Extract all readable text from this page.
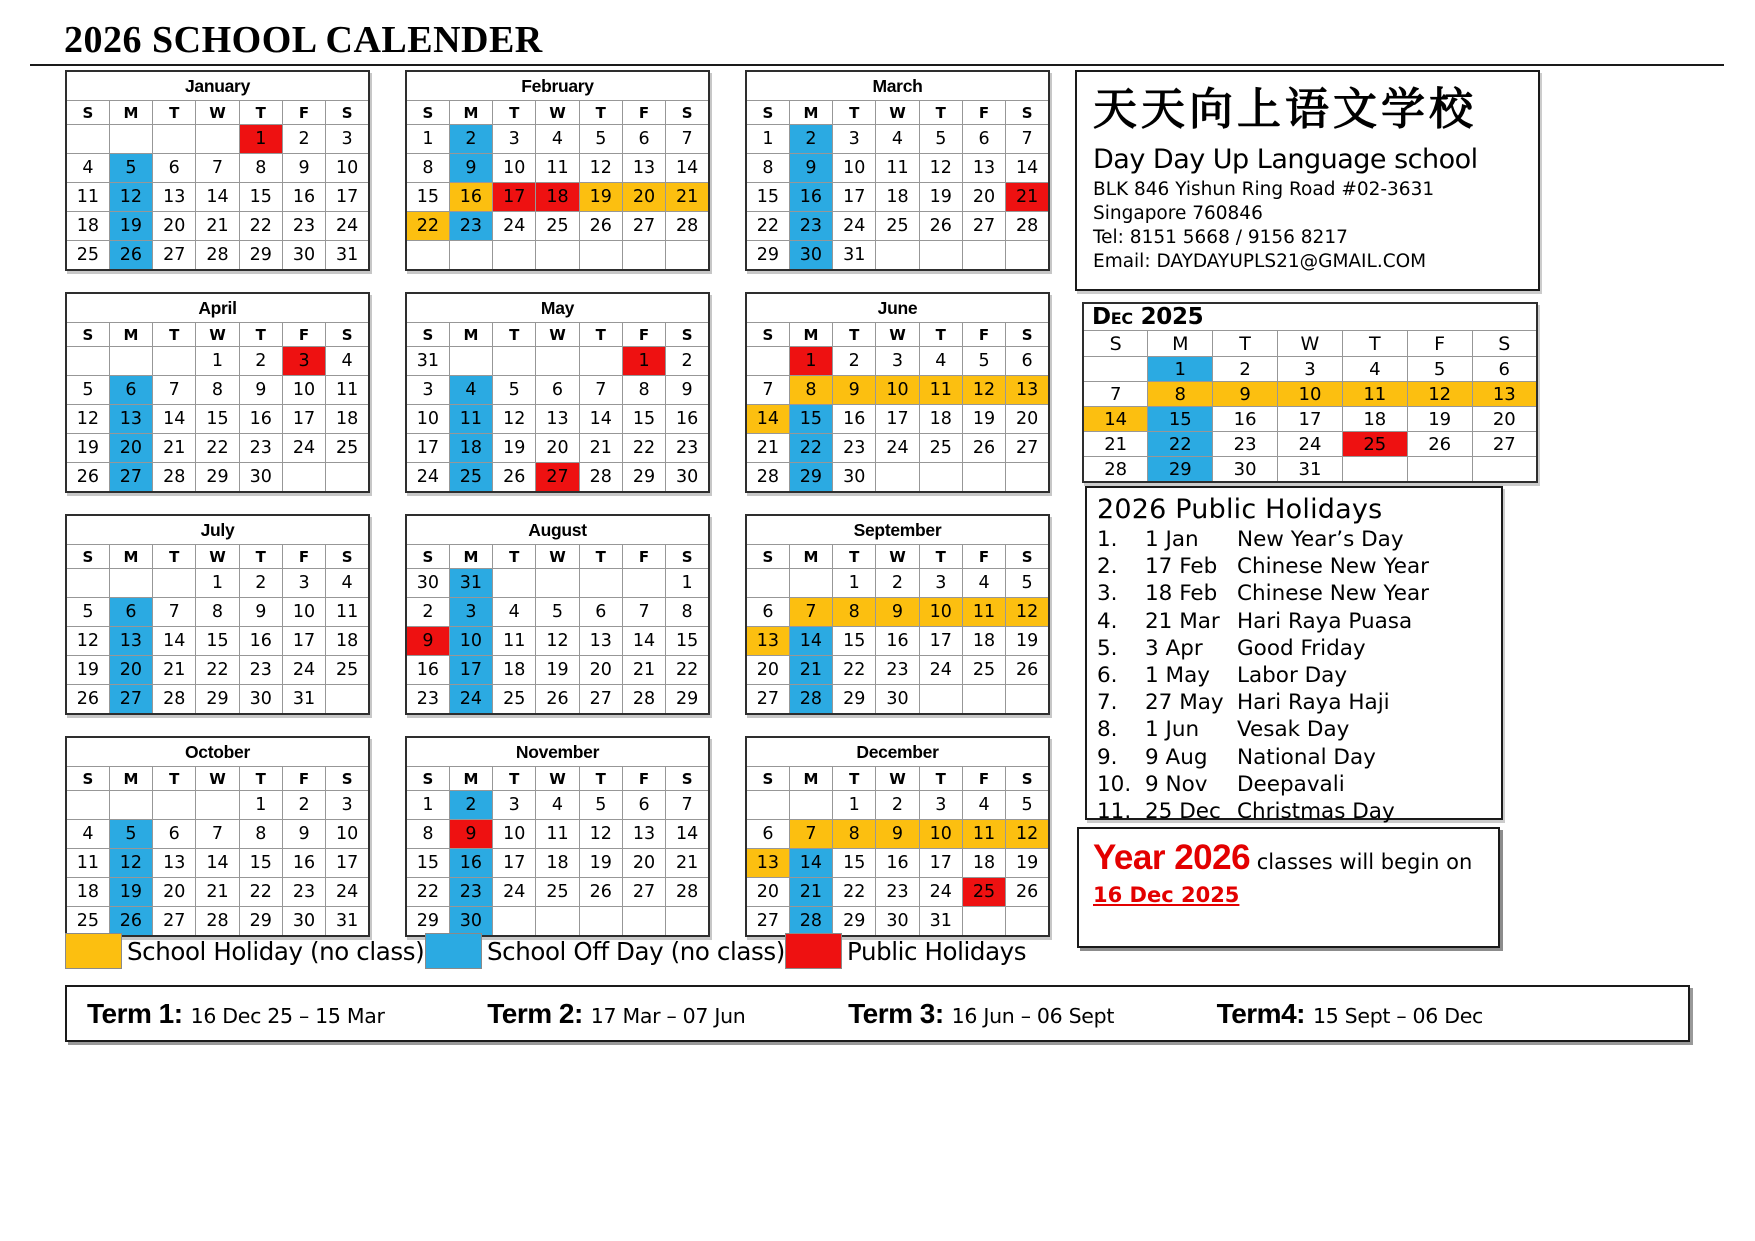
2026 SCHOOL CALENDER
January						
S	M	T	W	T	F	S
				1	2	3
4	5	6	7	8	9	10
11	12	13	14	15	16	17
18	19	20	21	22	23	24
25	26	27	28	29	30	31
February						
S	M	T	W	T	F	S
1	2	3	4	5	6	7
8	9	10	11	12	13	14
15	16	17	18	19	20	21
22	23	24	25	26	27	28

March						
S	M	T	W	T	F	S
1	2	3	4	5	6	7
8	9	10	11	12	13	14
15	16	17	18	19	20	21
22	23	24	25	26	27	28
29	30	31				
April						
S	M	T	W	T	F	S
			1	2	3	4
5	6	7	8	9	10	11
12	13	14	15	16	17	18
19	20	21	22	23	24	25
26	27	28	29	30		
May						
S	M	T	W	T	F	S
31					1	2
3	4	5	6	7	8	9
10	11	12	13	14	15	16
17	18	19	20	21	22	23
24	25	26	27	28	29	30
June						
S	M	T	W	T	F	S
	1	2	3	4	5	6
7	8	9	10	11	12	13
14	15	16	17	18	19	20
21	22	23	24	25	26	27
28	29	30				
July						
S	M	T	W	T	F	S
			1	2	3	4
5	6	7	8	9	10	11
12	13	14	15	16	17	18
19	20	21	22	23	24	25
26	27	28	29	30	31	
August						
S	M	T	W	T	F	S
30	31					1
2	3	4	5	6	7	8
9	10	11	12	13	14	15
16	17	18	19	20	21	22
23	24	25	26	27	28	29
September						
S	M	T	W	T	F	S
		1	2	3	4	5
6	7	8	9	10	11	12
13	14	15	16	17	18	19
20	21	22	23	24	25	26
27	28	29	30			
October						
S	M	T	W	T	F	S
				1	2	3
4	5	6	7	8	9	10
11	12	13	14	15	16	17
18	19	20	21	22	23	24
25	26	27	28	29	30	31
November						
S	M	T	W	T	F	S
1	2	3	4	5	6	7
8	9	10	11	12	13	14
15	16	17	18	19	20	21
22	23	24	25	26	27	28
29	30					
December						
S	M	T	W	T	F	S
		1	2	3	4	5
6	7	8	9	10	11	12
13	14	15	16	17	18	19
20	21	22	23	24	25	26
27	28	29	30	31		
天天向上语文学校
Day Day Up Language school
BLK 846 Yishun Ring Road #02-3631
Singapore 760846
Tel: 8151 5668 / 9156 8217
Email: DAYDAYUPLS21@GMAIL.COM
Dec 2025						
S	M	T	W	T	F	S
	1	2	3	4	5	6
7	8	9	10	11	12	13
14	15	16	17	18	19	20
21	22	23	24	25	26	27
28	29	30	31			
2026 Public Holidays
1.	1 Jan	New Year’s Day
2.	17 Feb Chinese New Year
3.	18 Feb Chinese New Year
4.	21 Mar Hari Raya Puasa
5.	3 Apr	Good Friday
6.	1 May	Labor Day
7.	27 May Hari Raya Haji
8.	1 Jun	Vesak Day
9.	9 Aug	National Day
10. 9 Nov	Deepavali
11. 25 Dec Christmas Day
Year 2026 classes will begin on 16 Dec 2025
School Holiday (no class)	School Off Day (no class)	Public Holidays
Term 1: 16 Dec 25 – 15 Mar	Term 2: 17 Mar – 07 Jun	Term 3: 16 Jun – 06 Sept	Term4: 15 Sept – 06 Dec
